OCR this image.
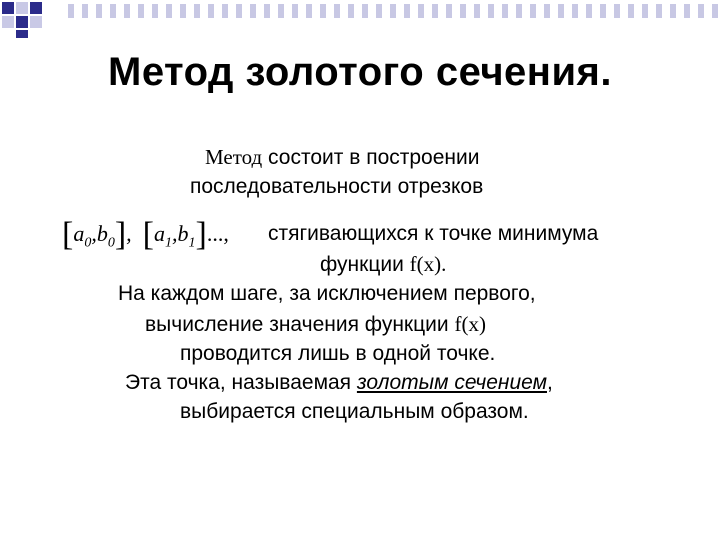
Метод золотого сечения.
Метод состоит в построении
последовательности отрезков
$[a_0,b_0]$,  $[a_1,b_1]$..., стягивающихся к точке минимума
функции f(x).
На каждом шаге, за исключением первого,
вычисление значения функции f(x)
проводится лишь в одной точке.
Эта точка, называемая золотым сечением,
выбирается специальным образом.
